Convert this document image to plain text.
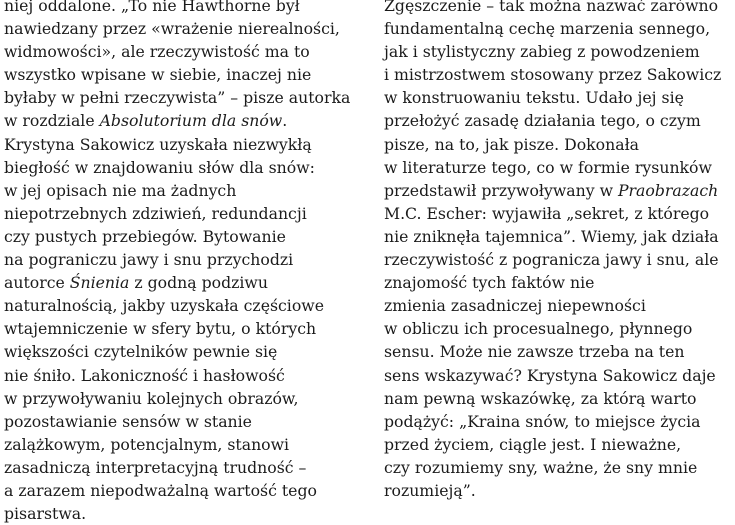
niej oddalone. „To nie Hawthorne był
nawiedzany przez «wrażenie nierealności,
widmowości», ale rzeczywistość ma to
wszystko wpisane w siebie, inaczej nie
byłaby w pełni rzeczywista” – pisze autorka
w rozdziale Absolutorium dla snów.
Krystyna Sakowicz uzyskała niezwykłą
biegłość w znajdowaniu słów dla snów:
w jej opisach nie ma żadnych
niepotrzebnych zdziwień, redundancji
czy pustych przebiegów. Bytowanie
na pograniczu jawy i snu przychodzi
autorce Śnienia z godną podziwu
naturalnością, jakby uzyskała częściowe
wtajemniczenie w sfery bytu, o których
większości czytelników pewnie się
nie śniło. Lakoniczność i hasłowość
w przywoływaniu kolejnych obrazów,
pozostawianie sensów w stanie
zalążkowym, potencjalnym, stanowi
zasadniczą interpretacyjną trudność –
a zarazem niepodważalną wartość tego
pisarstwa.
Zgęszczenie – tak można nazwać zarówno
fundamentalną cechę marzenia sennego,
jak i stylistyczny zabieg z powodzeniem
i mistrzostwem stosowany przez Sakowicz
w konstruowaniu tekstu. Udało jej się
przełożyć zasadę działania tego, o czym
pisze, na to, jak pisze. Dokonała
w literaturze tego, co w formie rysunków
przedstawił przywoływany w Praobrazach
M.C. Escher: wyjawiła „sekret, z którego
nie zniknęła tajemnica”. Wiemy, jak działa
rzeczywistość z pogranicza jawy i snu, ale
znajomość tych faktów nie
zmienia zasadniczej niepewności
w obliczu ich procesualnego, płynnego
sensu. Może nie zawsze trzeba na ten
sens wskazywać? Krystyna Sakowicz daje
nam pewną wskazówkę, za którą warto
podążyć: „Kraina snów, to miejsce życia
przed życiem, ciągle jest. I nieważne,
czy rozumiemy sny, ważne, że sny mnie
rozumieją”.
